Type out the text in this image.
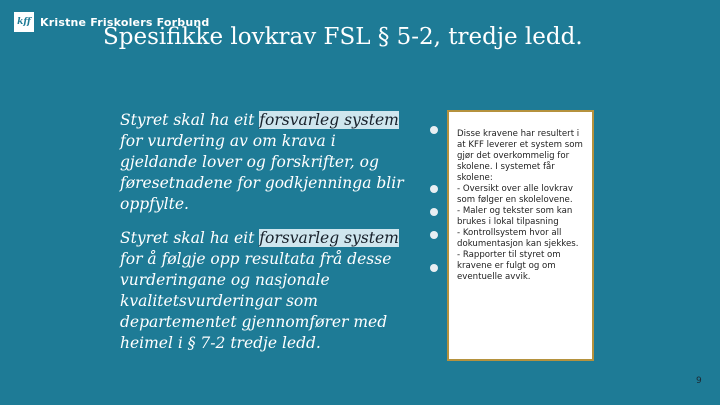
kff Kristne Friskolers Forbund
Spesifikke lovkrav FSL § 5-2, tredje ledd.

Styret skal ha eit forsvarleg system for vurdering av om krava i gjeldande lover og forskrifter, og føresetnadene for godkjenninga blir oppfylte.

Styret skal ha eit forsvarleg system for å følgje opp resultata frå desse vurderingane og nasjonale kvalitetsvurderingar som departementet gjennomfører med heimel i § 7-2 tredje ledd.

Disse kravene har resultert i at KFF leverer et system som gjør det overkommelig for skolene. I systemet får skolene:
- Oversikt over alle lovkrav som følger en skolelovene.
- Maler og tekster som kan brukes i lokal tilpasning
- Kontrollsystem hvor all dokumentasjon kan sjekkes.
- Rapporter til styret om kravene er fulgt og om eventuelle avvik.

9
